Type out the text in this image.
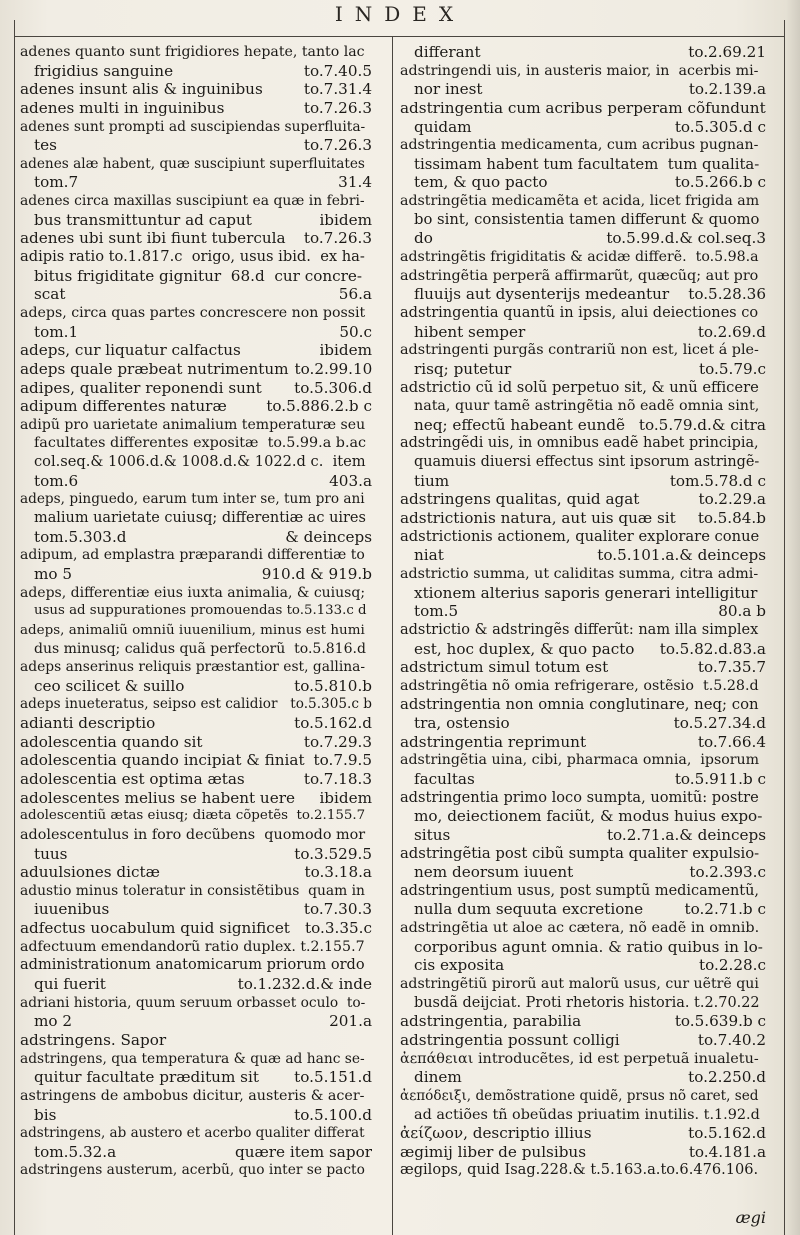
INDEX
adenes quanto sunt frigidiores hepate, tanto lac
frigidius sanguine	to.7.40.5
adenes insunt alis & inguinibus	to.7.31.4
adenes multi in inguinibus	to.7.26.3
adenes sunt prompti ad suscipiendas superfluita-
tes	to.7.26.3
adenes alæ habent, quæ suscipiunt superfluitates
tom.7	31.4
adenes circa maxillas suscipiunt ea quæ in febri-
bus transmittuntur ad caput	ibidem
adenes ubi sunt ibi fiunt tubercula	to.7.26.3
adipis ratio to.1.817.c  origo, usus ibid.  ex ha-
bitus frigiditate gignitur  68.d  cur concre-
scat	56.a
adeps, circa quas partes concrescere non possit
tom.1	50.c
adeps, cur liquatur calfactus	ibidem
adeps quale præbeat nutrimentum to.2.99.10
adipes, qualiter reponendi sunt	to.5.306.d
adipum differentes naturæ	to.5.886.2.b c
adipũ pro uarietate animalium temperaturæ seu
facultates differentes expositæ  to.5.99.a b.ac
col.seq.& 1006.d.& 1008.d.& 1022.d c.  item
tom.6	403.a
adeps, pinguedo, earum tum inter se, tum pro ani
malium uarietate cuiusq; differentiæ ac uires
tom.5.303.d	& deinceps
adipum, ad emplastra præparandi differentiæ to
mo 5	910.d & 919.b
adeps, differentiæ eius iuxta animalia, & cuiusq;
usus ad suppurationes promouendas to.5.133.c d
adeps, animaliũ omniũ iuuenilium, minus est humi
dus minusq; calidus quã perfectorũ  to.5.816.d
adeps anserinus reliquis præstantior est, gallina-
ceo scilicet & suillo	to.5.810.b
adeps inueteratus, seipso est calidior to.5.305.c b
adianti descriptio	to.5.162.d
adolescentia quando sit	to.7.29.3
adolescentia quando incipiat & finiat to.7.9.5
adolescentia est optima ætas	to.7.18.3
adolescentes melius se habent uere	ibidem
adolescentiũ ætas eiusq; diæta cõpetẽs  to.2.155.7
adolescentulus in foro decũbens  quomodo mor
tuus	to.3.529.5
aduulsiones dictæ	to.3.18.a
adustio minus toleratur in consistẽtibus  quam in
iuuenibus	to.7.30.3
adfectus uocabulum quid significet to.3.35.c
adfectuum emendandorũ ratio duplex. t.2.155.7
administrationum anatomicarum priorum ordo
qui fuerit	to.1.232.d.& inde
adriani historia, quum seruum orbasset oculo  to-
mo 2	201.a
adstringens. Sapor
adstringens, qua temperatura & quæ ad hanc se-
quitur facultate præditum sit	to.5.151.d
astringens de ambobus dicitur, austeris & acer-
bis	to.5.100.d
adstringens, ab austero et acerbo qualiter differat
tom.5.32.a	quære item sapor
adstringens austerum, acerbũ, quo inter se pacto
differant	to.2.69.21
adstringendi uis, in austeris maior, in  acerbis mi-
nor inest	to.2.139.a
adstringentia cum acribus perperam cõfundunt
quidam	to.5.305.d c
adstringentia medicamenta, cum acribus pugnan-
tissimam habent tum facultatem  tum qualita-
tem, & quo pacto	to.5.266.b c
adstringẽtia medicamẽta et acida, licet frigida am
bo sint, consistentia tamen differunt & quomo
do	to.5.99.d.& col.seq.3
adstringẽtis frigiditatis & acidæ differẽ.  to.5.98.a
adstringẽtia perperã affirmarũt, quæcũq; aut pro
fluuijs aut dysenterijs medeantur	to.5.28.36
adstringentia quantũ in ipsis, alui deiectiones co
hibent semper	to.2.69.d
adstringenti purgãs contrariũ non est, licet á ple-
risq; putetur	to.5.79.c
adstrictio cũ id solũ perpetuo sit, & unũ efficere
nata, quur tamẽ astringẽtia nõ eadẽ omnia sint,
neq; effectũ habeant eundẽ to.5.79.d.& citra
adstringẽdi uis, in omnibus eadẽ habet principia,
quamuis diuersi effectus sint ipsorum astringẽ-
tium	tom.5.78.d c
adstringens qualitas, quid agat	to.2.29.a
adstrictionis natura, aut uis quæ sit	to.5.84.b
adstrictionis actionem, qualiter explorare conue
niat	to.5.101.a.& deinceps
adstrictio summa, ut caliditas summa, citra admi-
xtionem alterius saporis generari intelligitur
tom.5	80.a b
adstrictio & adstringẽs differũt: nam illa simplex
est, hoc duplex, & quo pacto	to.5.82.d.83.a
adstrictum simul totum est	to.7.35.7
adstringẽtia nõ omia refrigerare, ostẽsio  t.5.28.d
adstringentia non omnia conglutinare, neq; con
tra, ostensio	to.5.27.34.d
adstringentia reprimunt	to.7.66.4
adstringẽtia uina, cibi, pharmaca omnia,  ipsorum
facultas	to.5.911.b c
adstringentia primo loco sumpta, uomitũ: postre
mo, deiectionem faciũt, & modus huius expo-
situs	to.2.71.a.& deinceps
adstringẽtia post cibũ sumpta qualiter expulsio-
nem deorsum iuuent	to.2.393.c
adstringentium usus, post sumptũ medicamentũ,
nulla dum sequuta excretione	to.2.71.b c
adstringẽtia ut aloe ac cætera, nõ eadẽ in omnib.
corporibus agunt omnia. & ratio quibus in lo-
cis exposita	to.2.28.c
adstringẽtiũ pirorũ aut malorũ usus, cur uẽtrẽ qui
busdã deijciat. Proti rhetoris historia. t.2.70.22
adstringentia, parabilia	to.5.639.b c
adstringentia possunt colligi	to.7.40.2
ἀεπάθειαι introducẽtes, id est perpetuã inualetu-
dinem	to.2.250.d
ἀεπόδειξι, demõstratione quidẽ, prsus nõ caret, sed
ad actiões tñ obeũdas priuatim inutilis. t.1.92.d
ἀείζωον, descriptio illius	to.5.162.d
ægimij liber de pulsibus	to.4.181.a
ægilops, quid Isag.228.& t.5.163.a.to.6.476.106.
ægi
